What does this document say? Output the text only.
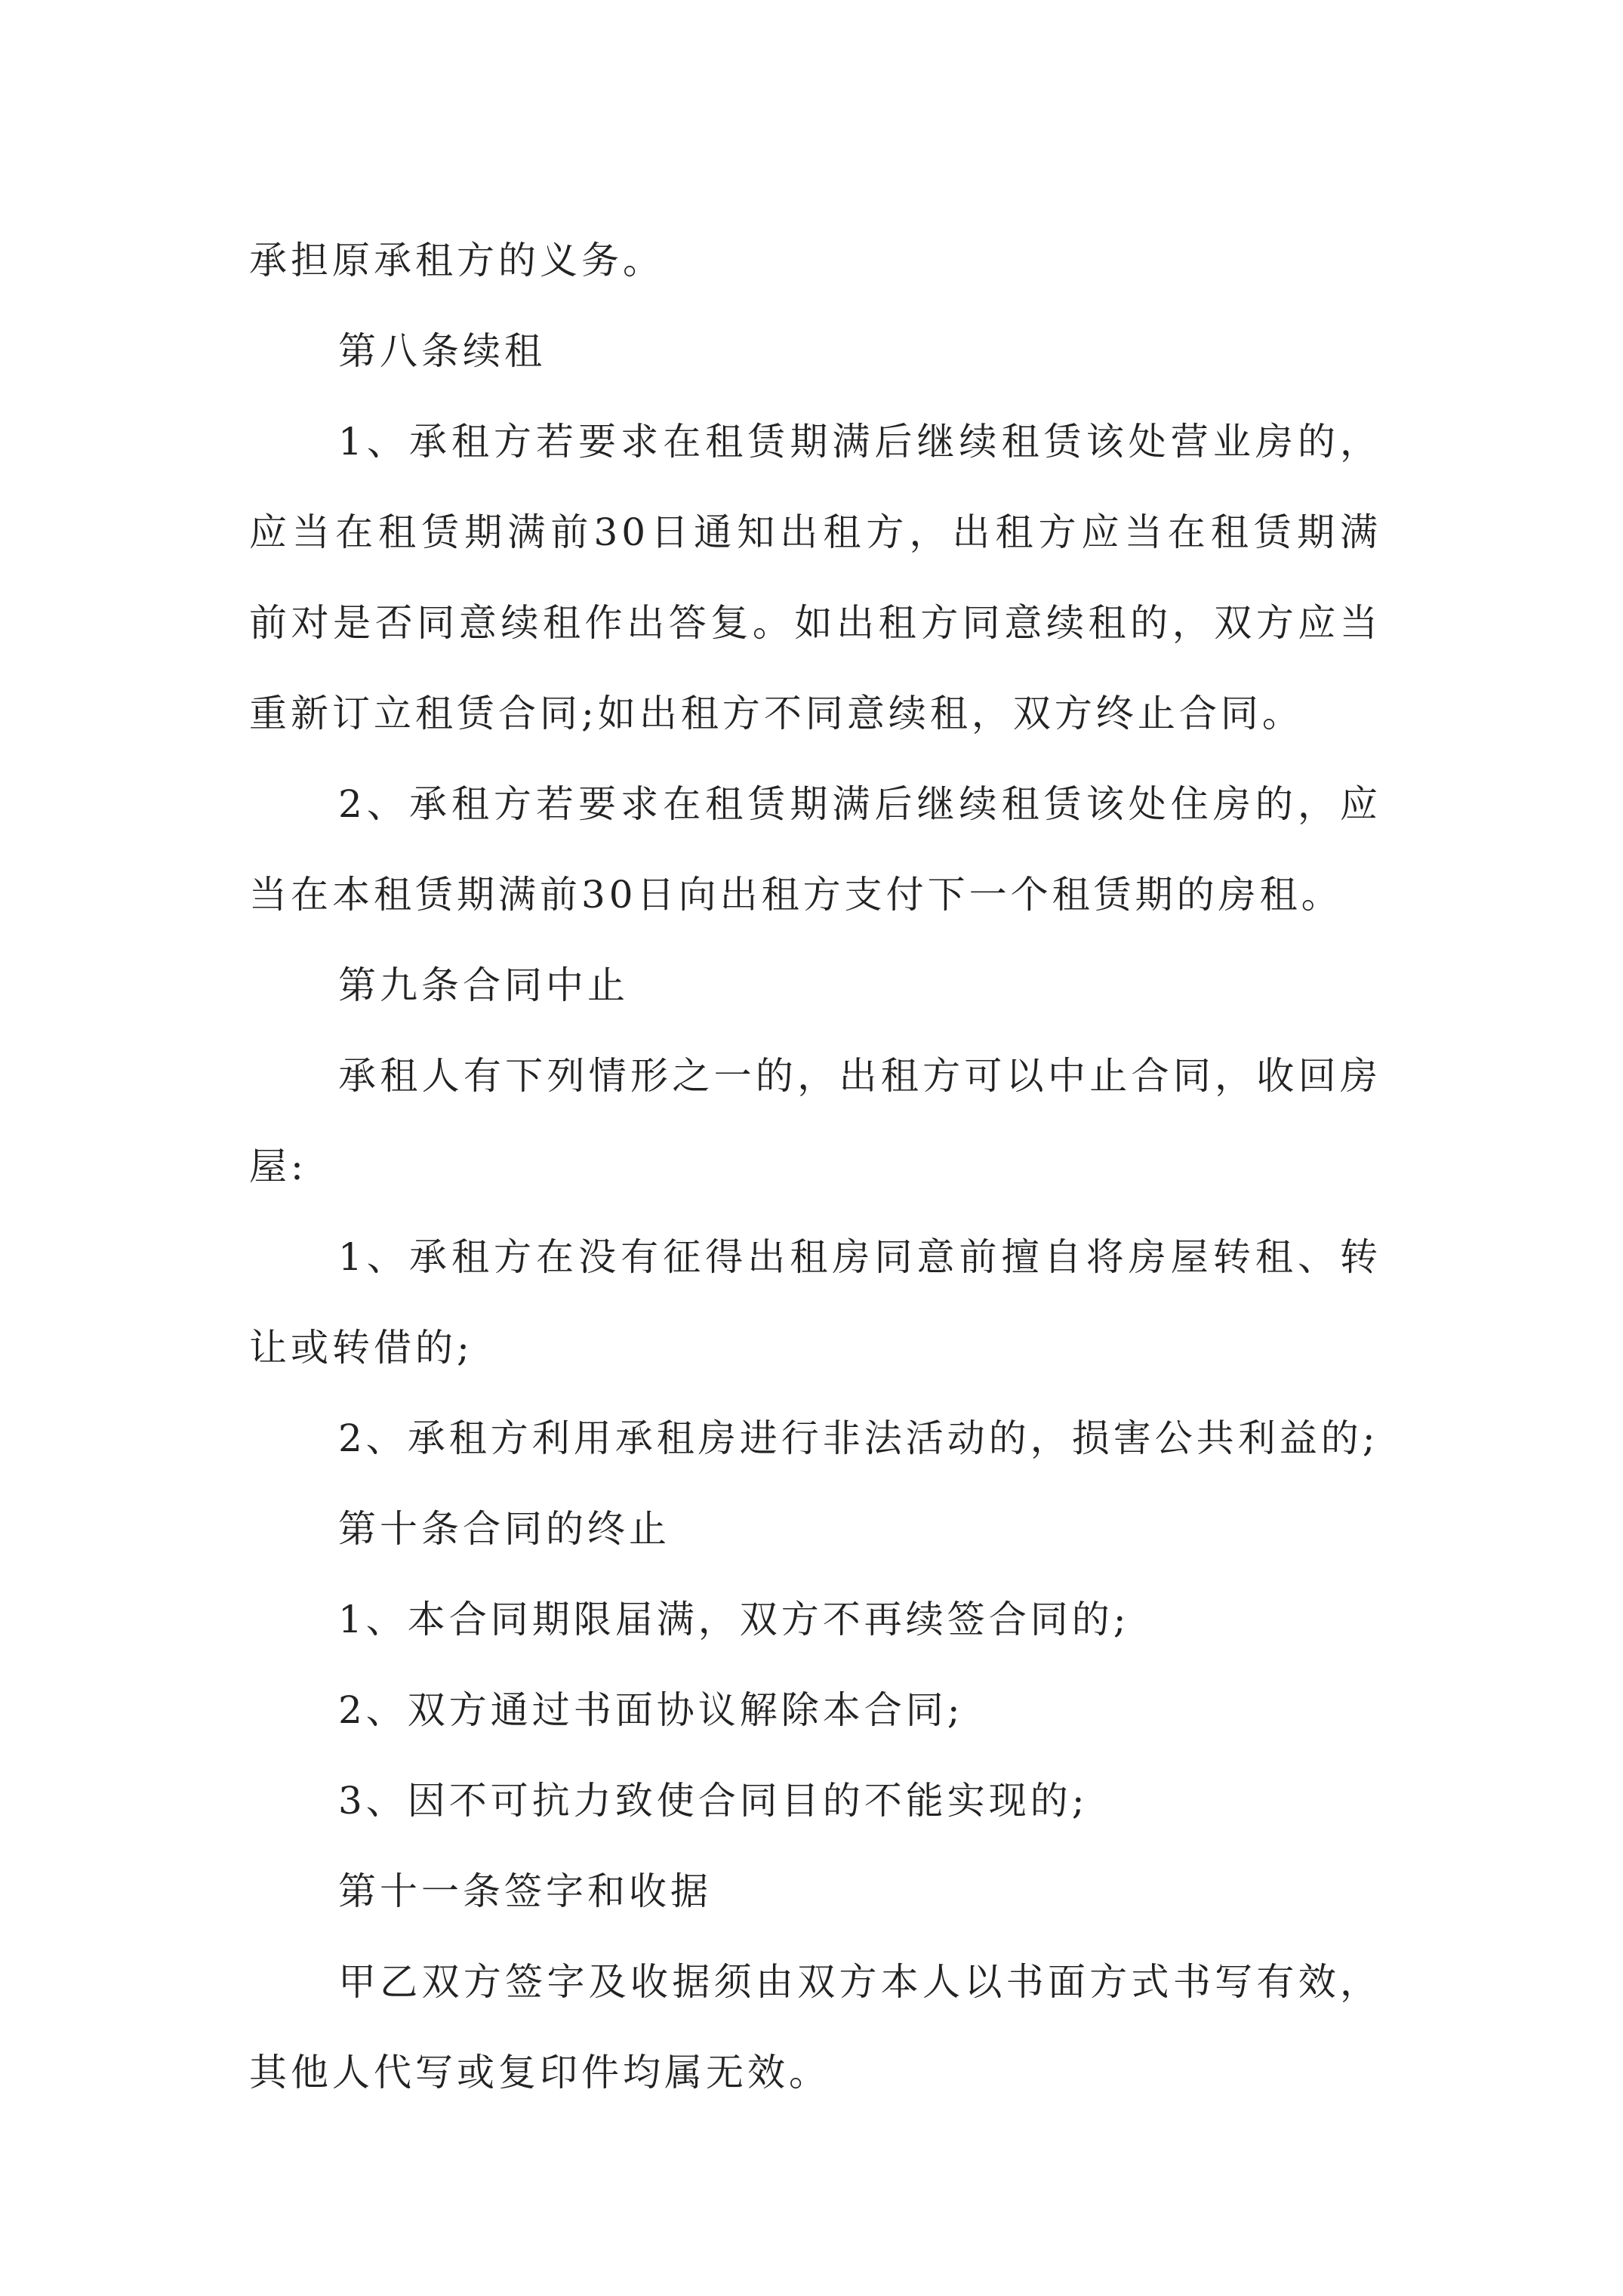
承担原承租方的义务。

第八条续租

1、承租方若要求在租赁期满后继续租赁该处营业房的，应当在租赁期满前30日通知出租方，出租方应当在租赁期满前对是否同意续租作出答复。如出租方同意续租的，双方应当重新订立租赁合同;如出租方不同意续租，双方终止合同。

2、承租方若要求在租赁期满后继续租赁该处住房的，应当在本租赁期满前30日向出租方支付下一个租赁期的房租。

第九条合同中止

承租人有下列情形之一的，出租方可以中止合同，收回房屋:

1、承租方在没有征得出租房同意前擅自将房屋转租、转让或转借的;

2、承租方利用承租房进行非法活动的，损害公共利益的;

第十条合同的终止

1、本合同期限届满，双方不再续签合同的;

2、双方通过书面协议解除本合同;

3、因不可抗力致使合同目的不能实现的;

第十一条签字和收据

甲乙双方签字及收据须由双方本人以书面方式书写有效，其他人代写或复印件均属无效。
